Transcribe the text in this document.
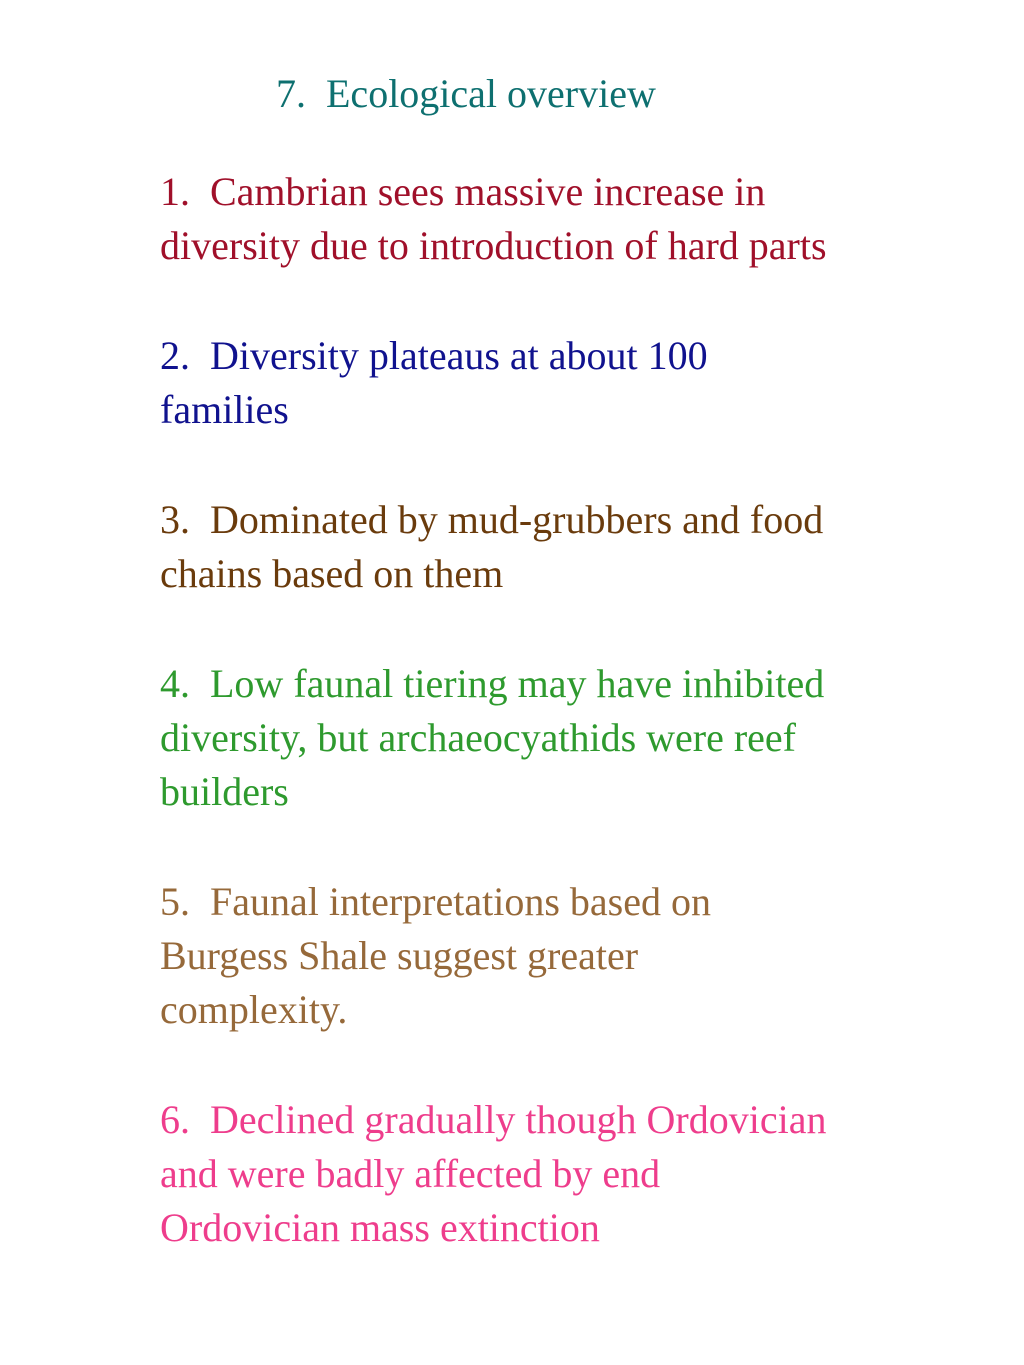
7.  Ecological overview

1.  Cambrian sees massive increase in
diversity due to introduction of hard parts

2.  Diversity plateaus at about 100
families

3.  Dominated by mud-grubbers and food
chains based on them

4.  Low faunal tiering may have inhibited
diversity, but archaeocyathids were reef
builders

5.  Faunal interpretations based on
Burgess Shale suggest greater
complexity.

6.  Declined gradually though Ordovician
and were badly affected by end
Ordovician mass extinction
